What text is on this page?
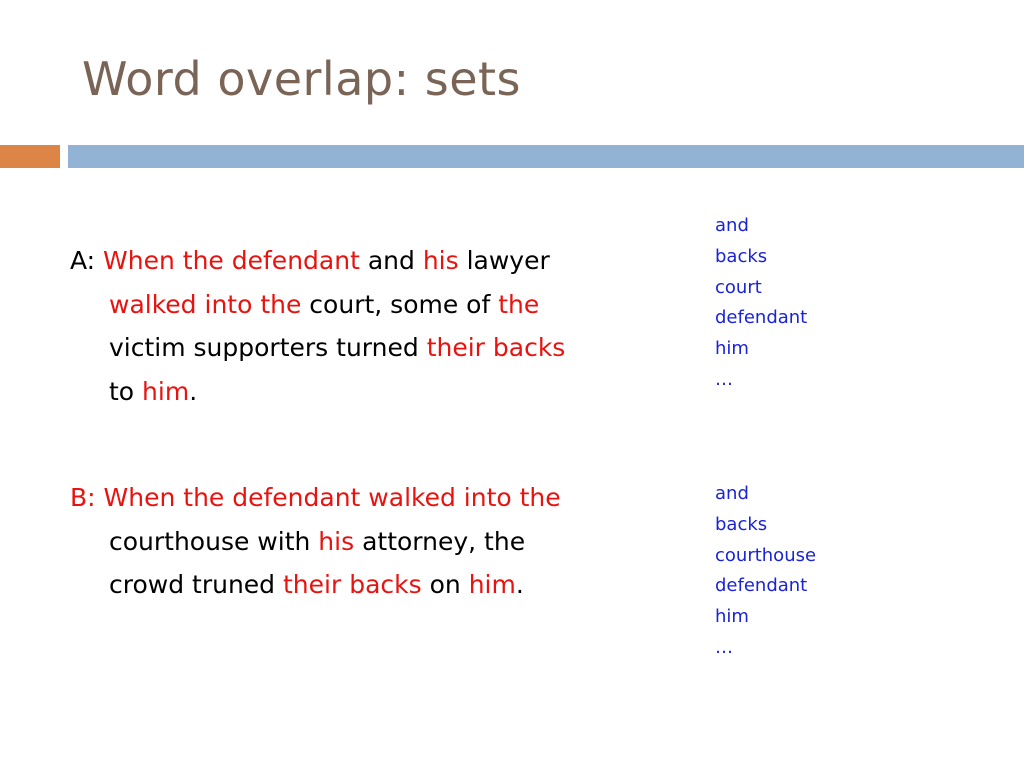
Word overlap: sets
A: When the defendant and his lawyer walked into the court, some of the victim supporters turned their backs to him.
B: When the defendant walked into the courthouse with his attorney, the crowd truned their backs on him.
and
backs
court
defendant
him
…
and
backs
courthouse
defendant
him
…
